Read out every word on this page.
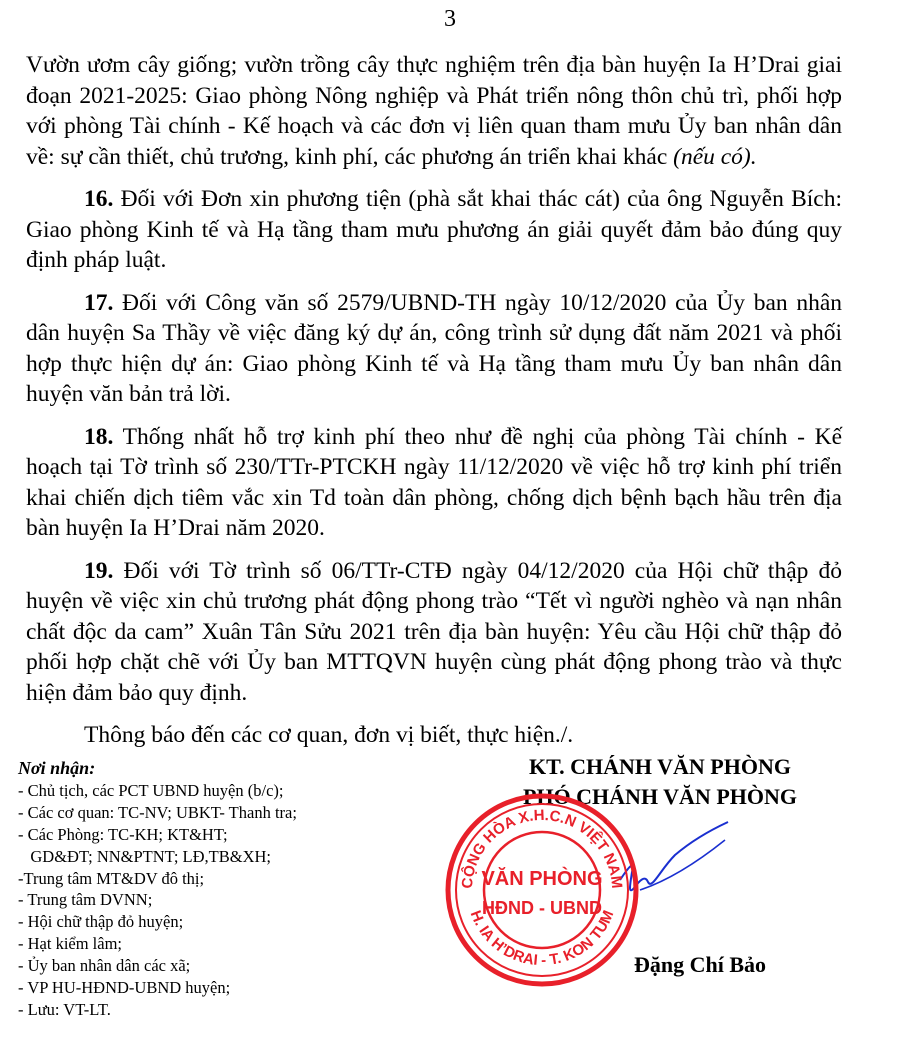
3

Vườn ươm cây giống; vườn trồng cây thực nghiệm trên địa bàn huyện Ia H’Drai giai đoạn 2021-2025: Giao phòng Nông nghiệp và Phát triển nông thôn chủ trì, phối hợp với phòng Tài chính - Kế hoạch và các đơn vị liên quan tham mưu Ủy ban nhân dân về: sự cần thiết, chủ trương, kinh phí, các phương án triển khai khác (nếu có).

16. Đối với Đơn xin phương tiện (phà sắt khai thác cát) của ông Nguyễn Bích: Giao phòng Kinh tế và Hạ tầng tham mưu phương án giải quyết đảm bảo đúng quy định pháp luật.

17. Đối với Công văn số 2579/UBND-TH ngày 10/12/2020 của Ủy ban nhân dân huyện Sa Thầy về việc đăng ký dự án, công trình sử dụng đất năm 2021 và phối hợp thực hiện dự án: Giao phòng Kinh tế và Hạ tầng tham mưu Ủy ban nhân dân huyện văn bản trả lời.

18. Thống nhất hỗ trợ kinh phí theo như đề nghị của phòng Tài chính - Kế hoạch tại Tờ trình số 230/TTr-PTCKH ngày 11/12/2020 về việc hỗ trợ kinh phí triển khai chiến dịch tiêm vắc xin Td toàn dân phòng, chống dịch bệnh bạch hầu trên địa bàn huyện Ia H’Drai năm 2020.

19. Đối với Tờ trình số 06/TTr-CTĐ ngày 04/12/2020 của Hội chữ thập đỏ huyện về việc xin chủ trương phát động phong trào “Tết vì người nghèo và nạn nhân chất độc da cam” Xuân Tân Sửu 2021 trên địa bàn huyện: Yêu cầu Hội chữ thập đỏ phối hợp chặt chẽ với Ủy ban MTTQVN huyện cùng phát động phong trào và thực hiện đảm bảo quy định.

Thông báo đến các cơ quan, đơn vị biết, thực hiện./.

Nơi nhận:
- Chủ tịch, các PCT UBND huyện (b/c);
- Các cơ quan: TC-NV; UBKT- Thanh tra;
- Các Phòng: TC-KH; KT&HT;
GD&ĐT; NN&PTNT; LĐ,TB&XH;
-Trung tâm MT&DV đô thị;
- Trung tâm DVNN;
- Hội chữ thập đỏ huyện;
- Hạt kiểm lâm;
- Ủy ban nhân dân các xã;
- VP HU-HĐND-UBND huyện;
- Lưu: VT-LT.
KT. CHÁNH VĂN PHÒNG
PHÓ CHÁNH VĂN PHÒNG
Đặng Chí Bảo
CỘNG HÒA X.H.C.N VIỆT NAM
H. IA H’DRAI - T. KON TUM
VĂN PHÒNG
HĐND - UBND
